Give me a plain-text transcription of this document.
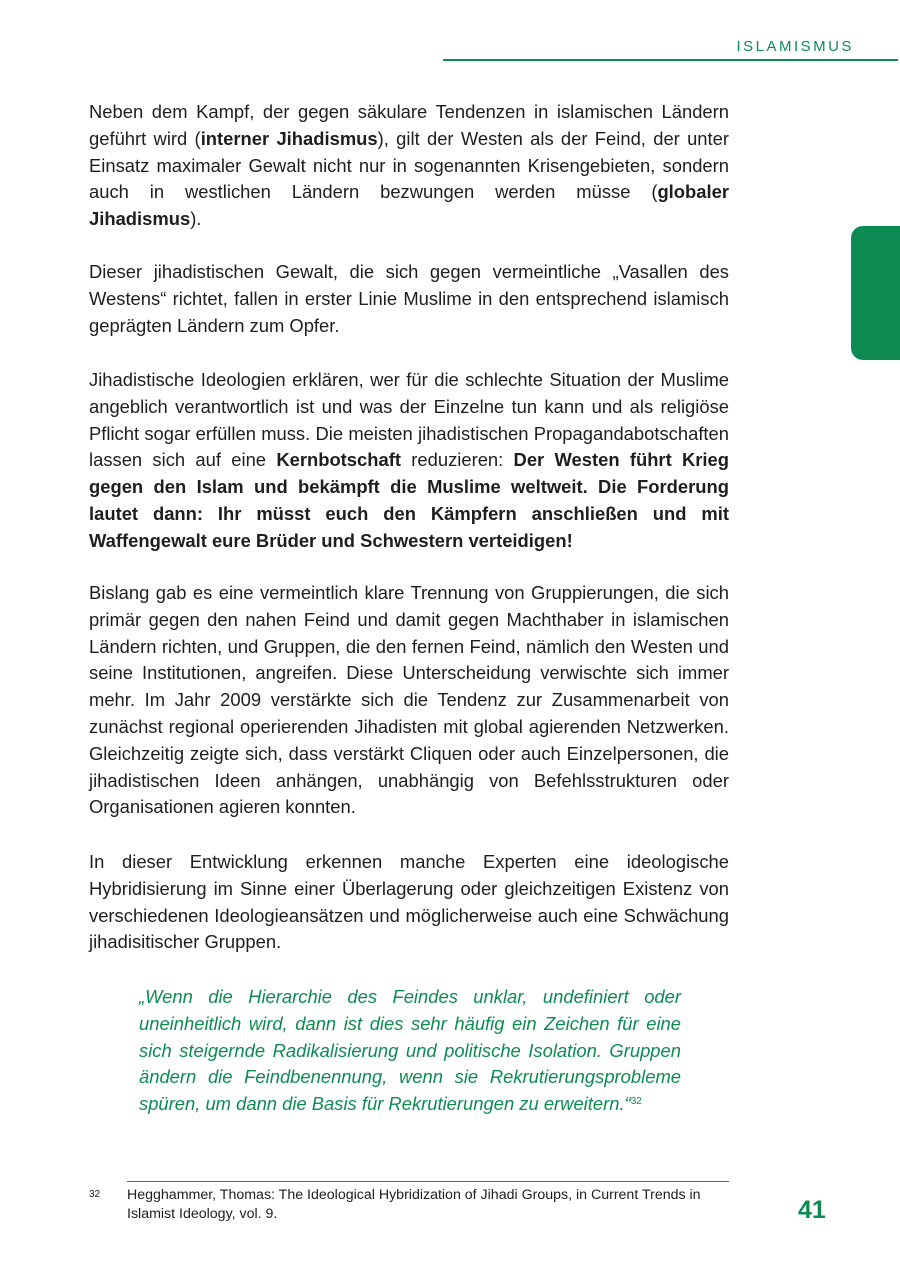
ISLAMISMUS

Neben dem Kampf, der gegen säkulare Tendenzen in islamischen Ländern geführt wird (interner Jihadismus), gilt der Westen als der Feind, der unter Einsatz maximaler Gewalt nicht nur in sogenannten Krisengebieten, sondern auch in westlichen Ländern bezwungen werden müsse (globaler Jihadismus).

Dieser jihadistischen Gewalt, die sich gegen vermeintliche „Vasallen des Westens“ richtet, fallen in erster Linie Muslime in den entsprechend islamisch geprägten Ländern zum Opfer.

Jihadistische Ideologien erklären, wer für die schlechte Situation der Muslime angeblich verantwortlich ist und was der Einzelne tun kann und als religiöse Pflicht sogar erfüllen muss. Die meisten jihadistischen Propagandabotschaften lassen sich auf eine Kernbotschaft reduzieren: Der Westen führt Krieg gegen den Islam und bekämpft die Muslime weltweit. Die Forderung lautet dann: Ihr müsst euch den Kämpfern anschließen und mit Waffengewalt eure Brüder und Schwestern verteidigen!

Bislang gab es eine vermeintlich klare Trennung von Gruppierungen, die sich primär gegen den nahen Feind und damit gegen Machthaber in islamischen Ländern richten, und Gruppen, die den fernen Feind, nämlich den Westen und seine Institutionen, angreifen. Diese Unterscheidung verwischte sich immer mehr. Im Jahr 2009 verstärkte sich die Tendenz zur Zusammenarbeit von zunächst regional operierenden Jihadisten mit global agierenden Netzwerken. Gleichzeitig zeigte sich, dass verstärkt Cliquen oder auch Einzelpersonen, die jihadistischen Ideen anhängen, unabhängig von Befehlsstrukturen oder Organisationen agieren konnten.

In dieser Entwicklung erkennen manche Experten eine ideologische Hybridisierung im Sinne einer Überlagerung oder gleichzeitigen Existenz von verschiedenen Ideologieansätzen und möglicherweise auch eine Schwächung jihadisitischer Gruppen.

„Wenn die Hierarchie des Feindes unklar, undefiniert oder uneinheitlich wird, dann ist dies sehr häufig ein Zeichen für eine sich steigernde Radikalisierung und politische Isolation. Gruppen ändern die Feindbenennung, wenn sie Rekrutierungsprobleme spüren, um dann die Basis für Rekrutierungen zu erweitern.“$^{32}$

32 Hegghammer, Thomas: The Ideological Hybridization of Jihadi Groups, in Current Trends in Islamist Ideology, vol. 9.	41
